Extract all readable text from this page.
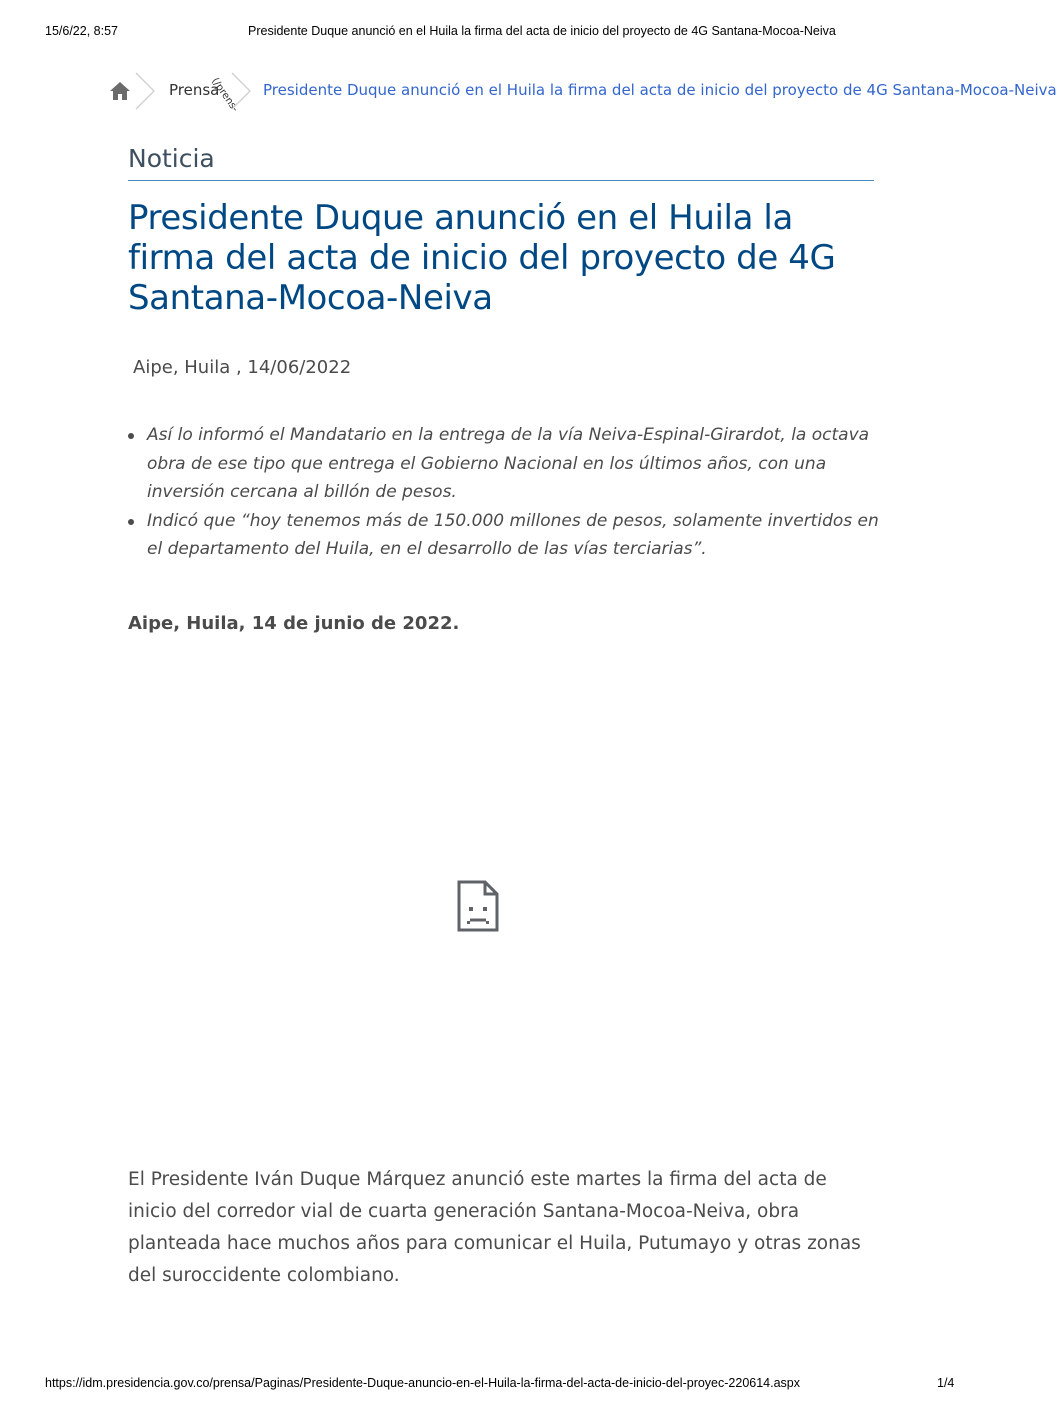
15/6/22, 8:57	Presidente Duque anunció en el Huila la firma del acta de inicio del proyecto de 4G Santana-Mocoa-Neiva
Prensa
(/prens- Presidente Duque anunció en el Huila la firma del acta de inicio del proyecto de 4G Santana-Mocoa-Neiva
Noticia
Presidente Duque anunció en el Huila la firma del acta de inicio del proyecto de 4G Santana-Mocoa-Neiva
Aipe, Huila , 14/06/2022
Así lo informó el Mandatario en la entrega de la vía Neiva-Espinal-Girardot, la octava obra de ese tipo que entrega el Gobierno Nacional en los últimos años, con una inversión cercana al billón de pesos.
Indicó que “hoy tenemos más de 150.000 millones de pesos, solamente invertidos en el departamento del Huila, en el desarrollo de las vías terciarias”.
Aipe, Huila, 14 de junio de 2022.

El Presidente Iván Duque Márquez anunció este martes la firma del acta de inicio del corredor vial de cuarta generación Santana-Mocoa-Neiva, obra planteada hace muchos años para comunicar el Huila, Putumayo y otras zonas del suroccidente colombiano.

https://idm.presidencia.gov.co/prensa/Paginas/Presidente-Duque-anuncio-en-el-Huila-la-firma-del-acta-de-inicio-del-proyec-220614.aspx	1/4
